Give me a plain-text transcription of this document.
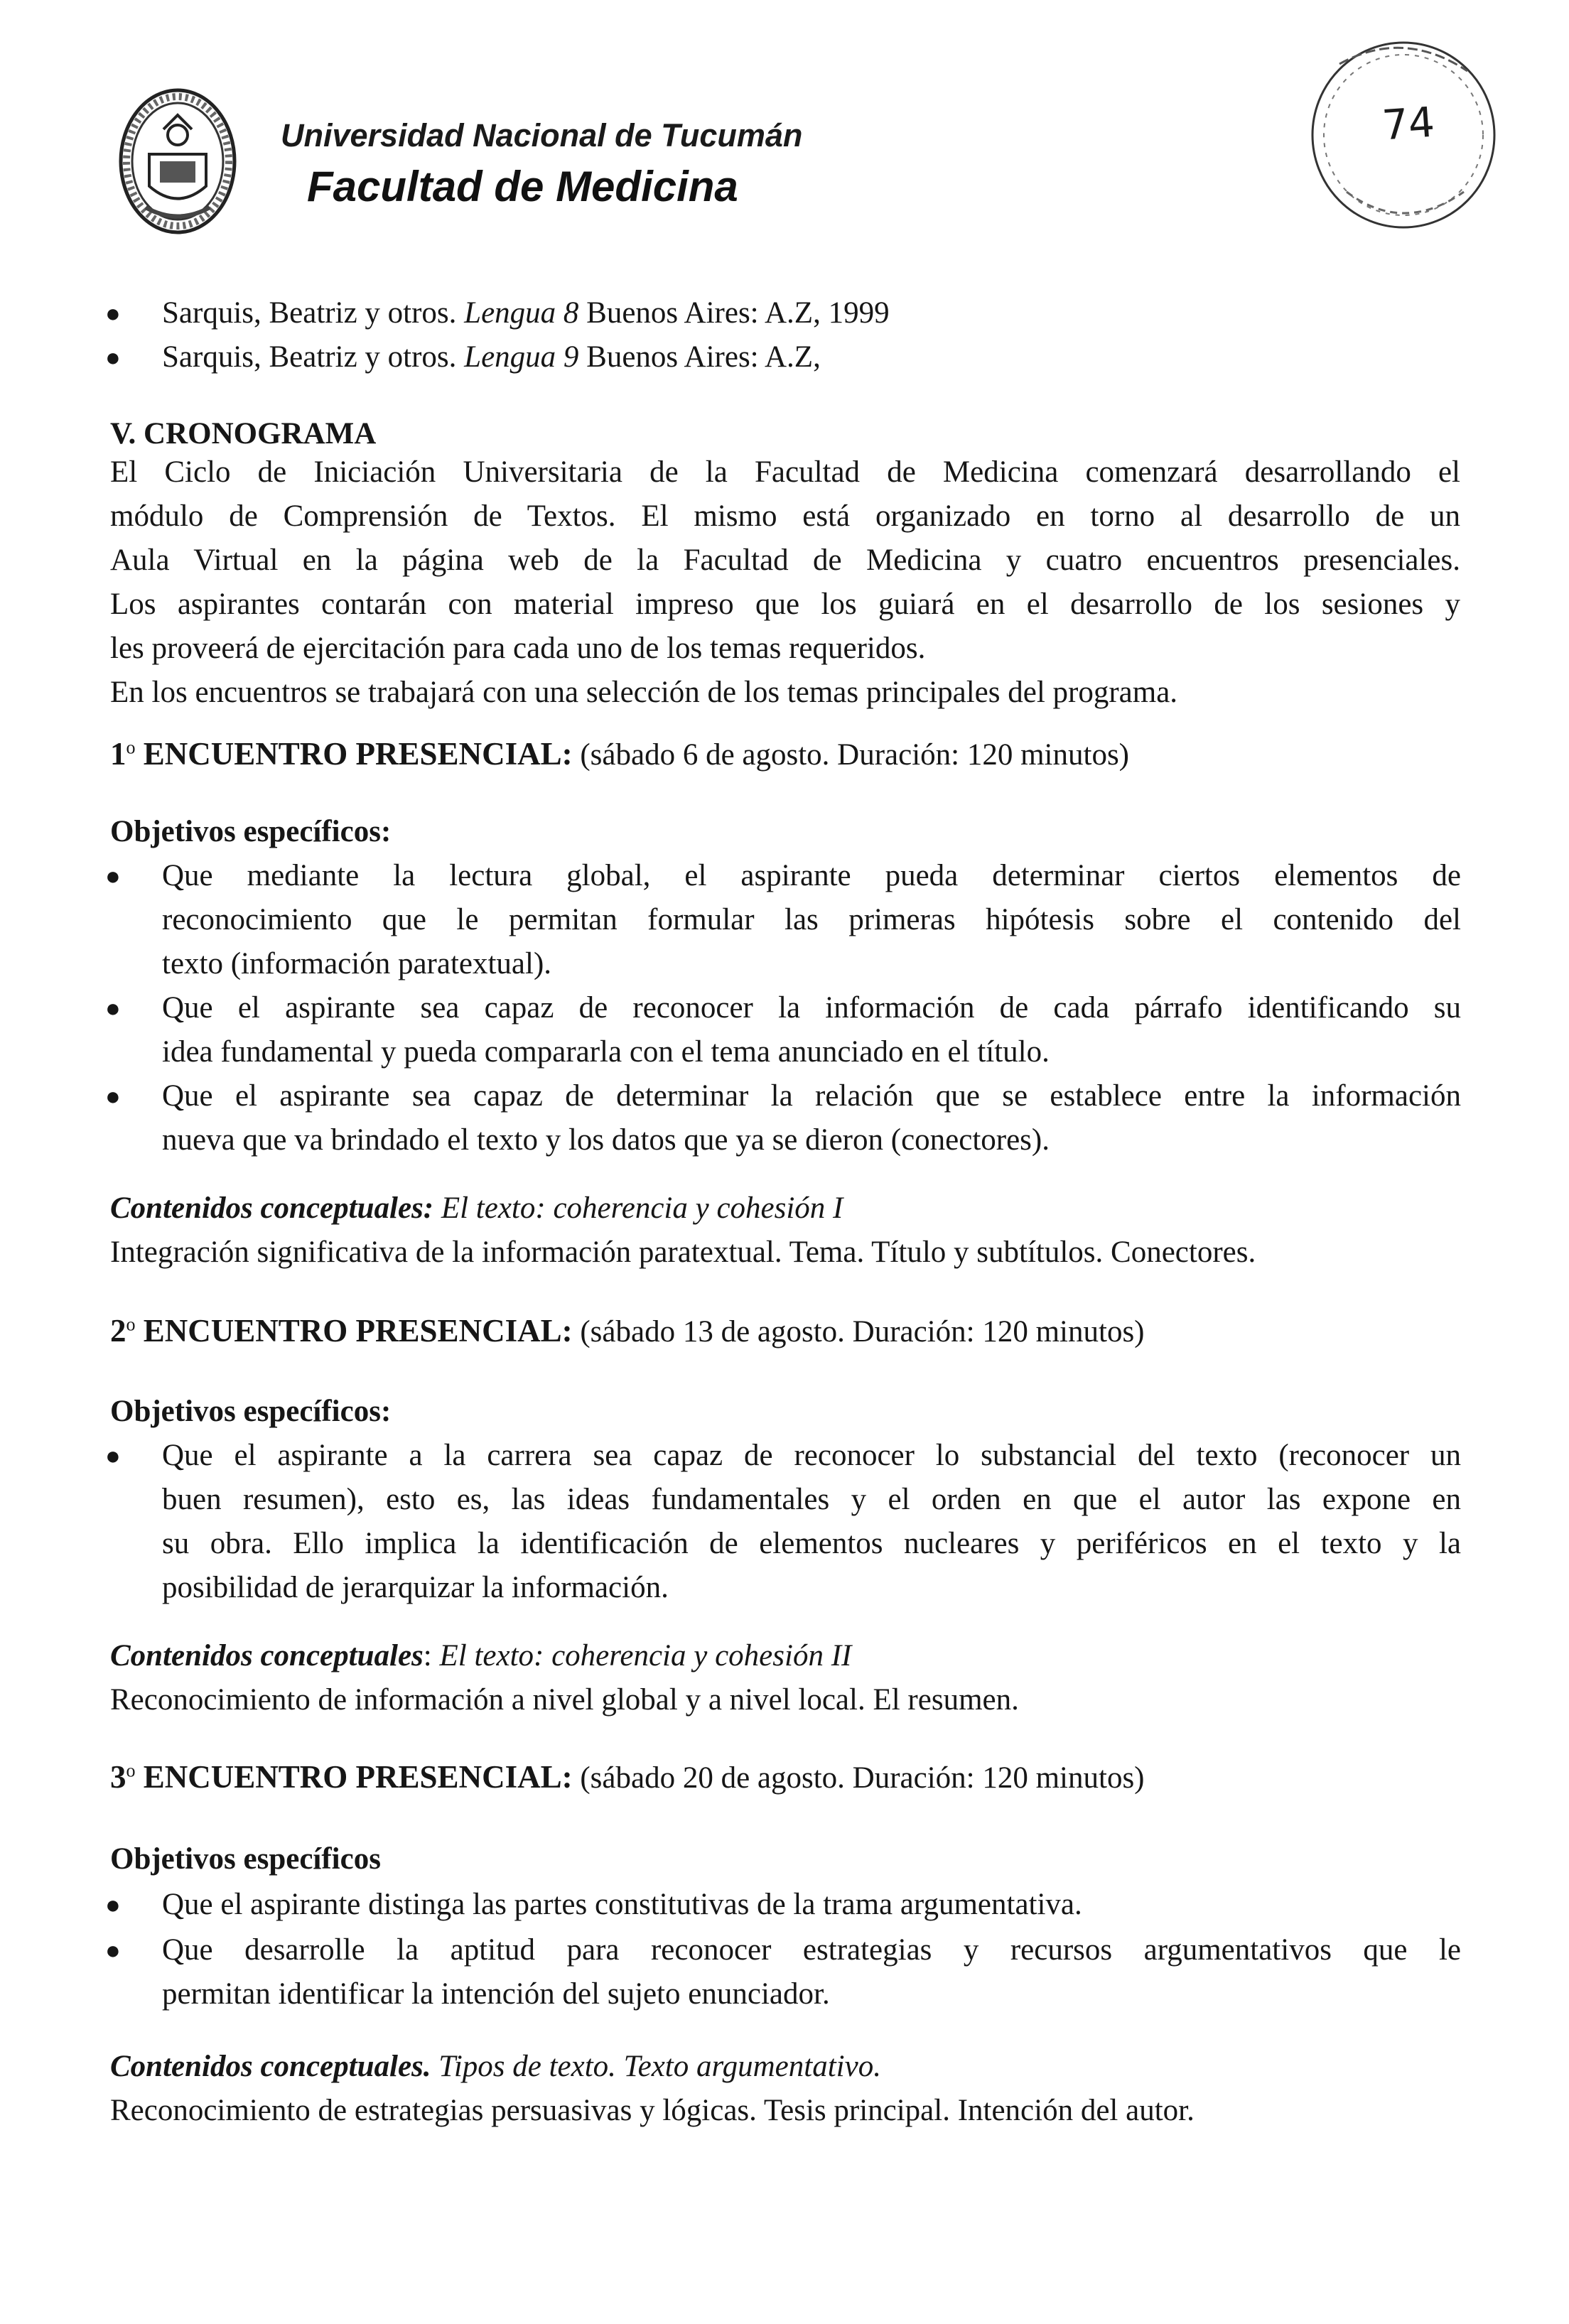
Universidad Nacional de Tucumán
Facultad de Medicina
74
● Sarquis, Beatriz y otros. Lengua 8 Buenos Aires: A.Z, 1999
● Sarquis, Beatriz y otros. Lengua 9 Buenos Aires: A.Z,
V. CRONOGRAMA
El Ciclo de Iniciación Universitaria de la Facultad de Medicina comenzará desarrollando el
módulo de Comprensión de Textos. El mismo está organizado en torno al desarrollo de un
Aula Virtual en la página web de la Facultad de Medicina y cuatro encuentros presenciales.
Los aspirantes contarán con material impreso que los guiará en el desarrollo de los sesiones y
les proveerá de ejercitación para cada uno de los temas requeridos.
En los encuentros se trabajará con una selección de los temas principales del programa.
1$^o$ ENCUENTRO PRESENCIAL: (sábado 6 de agosto. Duración: 120 minutos)
Objetivos específicos:
● Que mediante la lectura global, el aspirante pueda determinar ciertos elementos de
reconocimiento que le permitan formular las primeras hipótesis sobre el contenido del
texto (información paratextual).
● Que el aspirante sea capaz de reconocer la información de cada párrafo identificando su
idea fundamental y pueda compararla con el tema anunciado en el título.
● Que el aspirante sea capaz de determinar la relación que se establece entre la información
nueva que va brindado el texto y los datos que ya se dieron (conectores).
Contenidos conceptuales: El texto: coherencia y cohesión I
Integración significativa de la información paratextual. Tema. Título y subtítulos. Conectores.
2$^o$ ENCUENTRO PRESENCIAL: (sábado 13 de agosto. Duración: 120 minutos)
Objetivos específicos:
● Que el aspirante a la carrera sea capaz de reconocer lo substancial del texto (reconocer un
buen resumen), esto es, las ideas fundamentales y el orden en que el autor las expone en
su obra. Ello implica la identificación de elementos nucleares y periféricos en el texto y la
posibilidad de jerarquizar la información.
Contenidos conceptuales: El texto: coherencia y cohesión II
Reconocimiento de información a nivel global y a nivel local. El resumen.
3$^o$ ENCUENTRO PRESENCIAL: (sábado 20 de agosto. Duración: 120 minutos)
Objetivos específicos
● Que el aspirante distinga las partes constitutivas de la trama argumentativa.
● Que desarrolle la aptitud para reconocer estrategias y recursos argumentativos que le
permitan identificar la intención del sujeto enunciador.
Contenidos conceptuales. Tipos de texto. Texto argumentativo.
Reconocimiento de estrategias persuasivas y lógicas. Tesis principal. Intención del autor.
